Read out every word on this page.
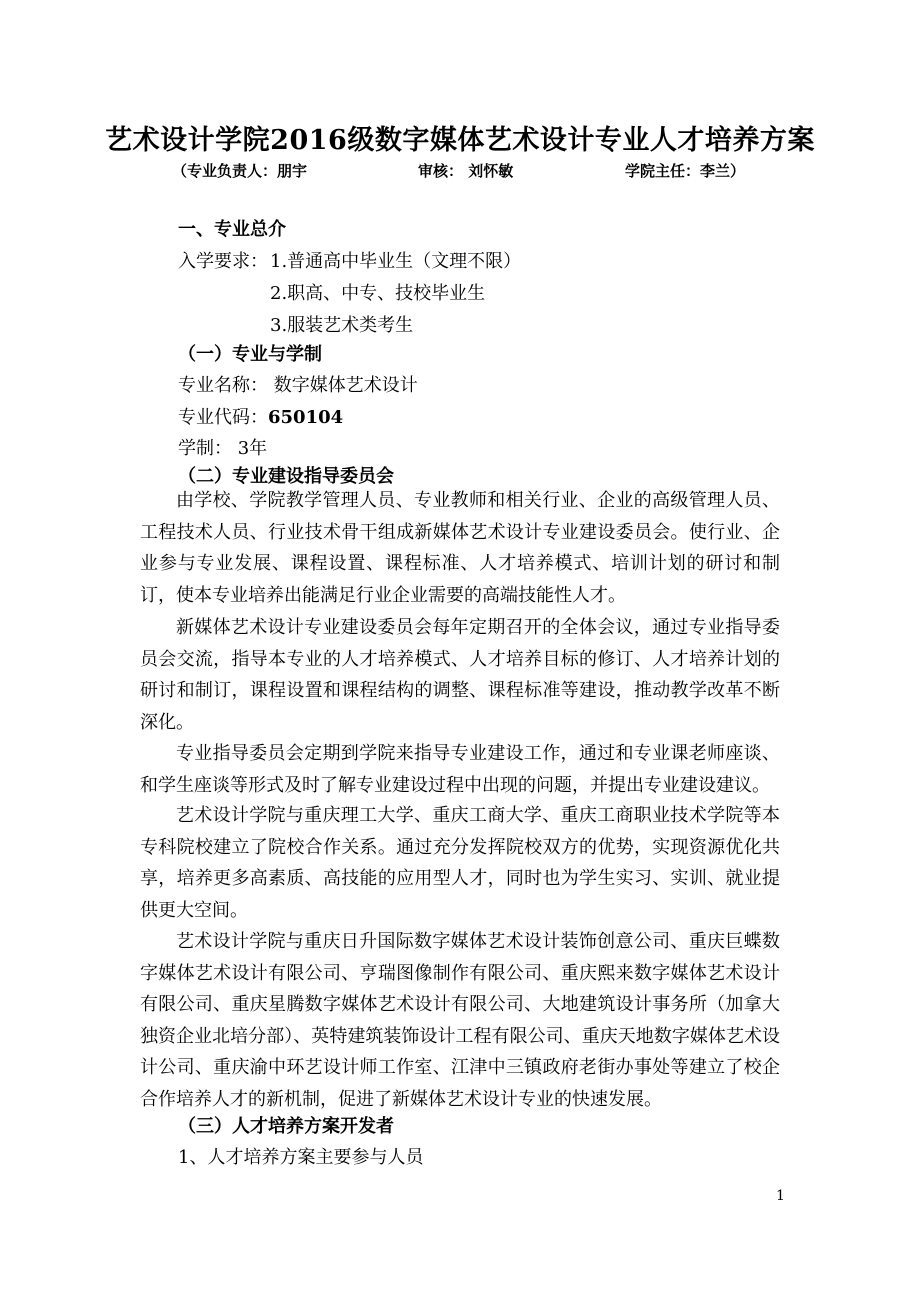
艺术设计学院2016级数字媒体艺术设计专业人才培养方案
（专业负责人：朋宇	审核： 刘怀敏	学院主任：李兰）
一、专业总介
入学要求： 1.普通高中毕业生（文理不限）
2.职高、中专、技校毕业生
3.服装艺术类考生
（一）专业与学制
专业名称： 数字媒体艺术设计
专业代码：650104
学制： 3年
（二）专业建设指导委员会
由学校、学院教学管理人员、专业教师和相关行业、企业的高级管理人员、工程技术人员、行业技术骨干组成新媒体艺术设计专业建设委员会。使行业、企业参与专业发展、课程设置、课程标准、人才培养模式、培训计划的研讨和制订，使本专业培养出能满足行业企业需要的高端技能性人才。
新媒体艺术设计专业建设委员会每年定期召开的全体会议，通过专业指导委员会交流，指导本专业的人才培养模式、人才培养目标的修订、人才培养计划的研讨和制订，课程设置和课程结构的调整、课程标准等建设，推动教学改革不断深化。
专业指导委员会定期到学院来指导专业建设工作，通过和专业课老师座谈、和学生座谈等形式及时了解专业建设过程中出现的问题，并提出专业建设建议。
艺术设计学院与重庆理工大学、重庆工商大学、重庆工商职业技术学院等本专科院校建立了院校合作关系。通过充分发挥院校双方的优势，实现资源优化共享，培养更多高素质、高技能的应用型人才，同时也为学生实习、实训、就业提供更大空间。
艺术设计学院与重庆日升国际数字媒体艺术设计装饰创意公司、重庆巨蝶数字媒体艺术设计有限公司、亨瑞图像制作有限公司、重庆熙来数字媒体艺术设计有限公司、重庆星腾数字媒体艺术设计有限公司、大地建筑设计事务所（加拿大独资企业北培分部）、英特建筑装饰设计工程有限公司、重庆天地数字媒体艺术设计公司、重庆渝中环艺设计师工作室、江津中三镇政府老街办事处等建立了校企合作培养人才的新机制，促进了新媒体艺术设计专业的快速发展。
（三）人才培养方案开发者
1、人才培养方案主要参与人员
1
